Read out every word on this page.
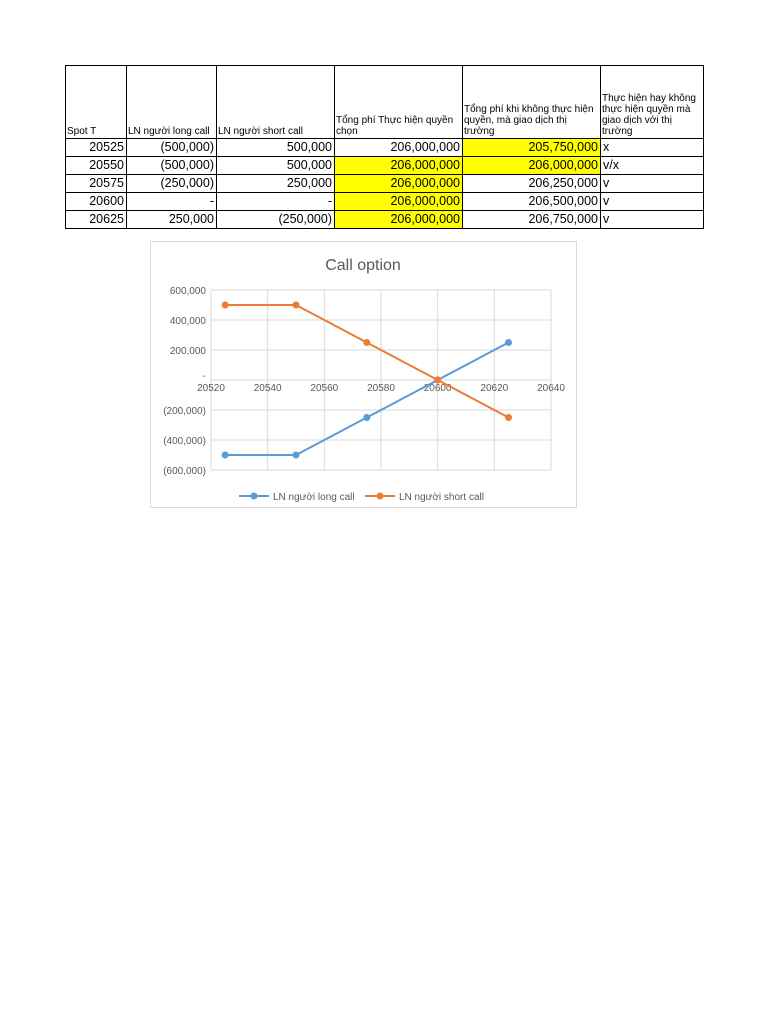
Spot T	LN người long call	LN người short call	Tổng phí Thực hiện quyền chọn	Tổng phí khi không thực hiện quyền, mà giao dịch thị trường	Thực hiện hay không thực hiện quyền mà giao dịch với thị trường
20525	(500,000)	500,000	206,000,000	205,750,000	x
20550	(500,000)	500,000	206,000,000	206,000,000	v/x
20575	(250,000)	250,000	206,000,000	206,250,000	v
20600	-	-	206,000,000	206,500,000	v
20625	250,000	(250,000)	206,000,000	206,750,000	v
Call option
600,000
400,000
200,000
-
(200,000)
(400,000)
(600,000)
20520	20540	20560	20580	20600	20620	20640
LN người long call	LN người short call
